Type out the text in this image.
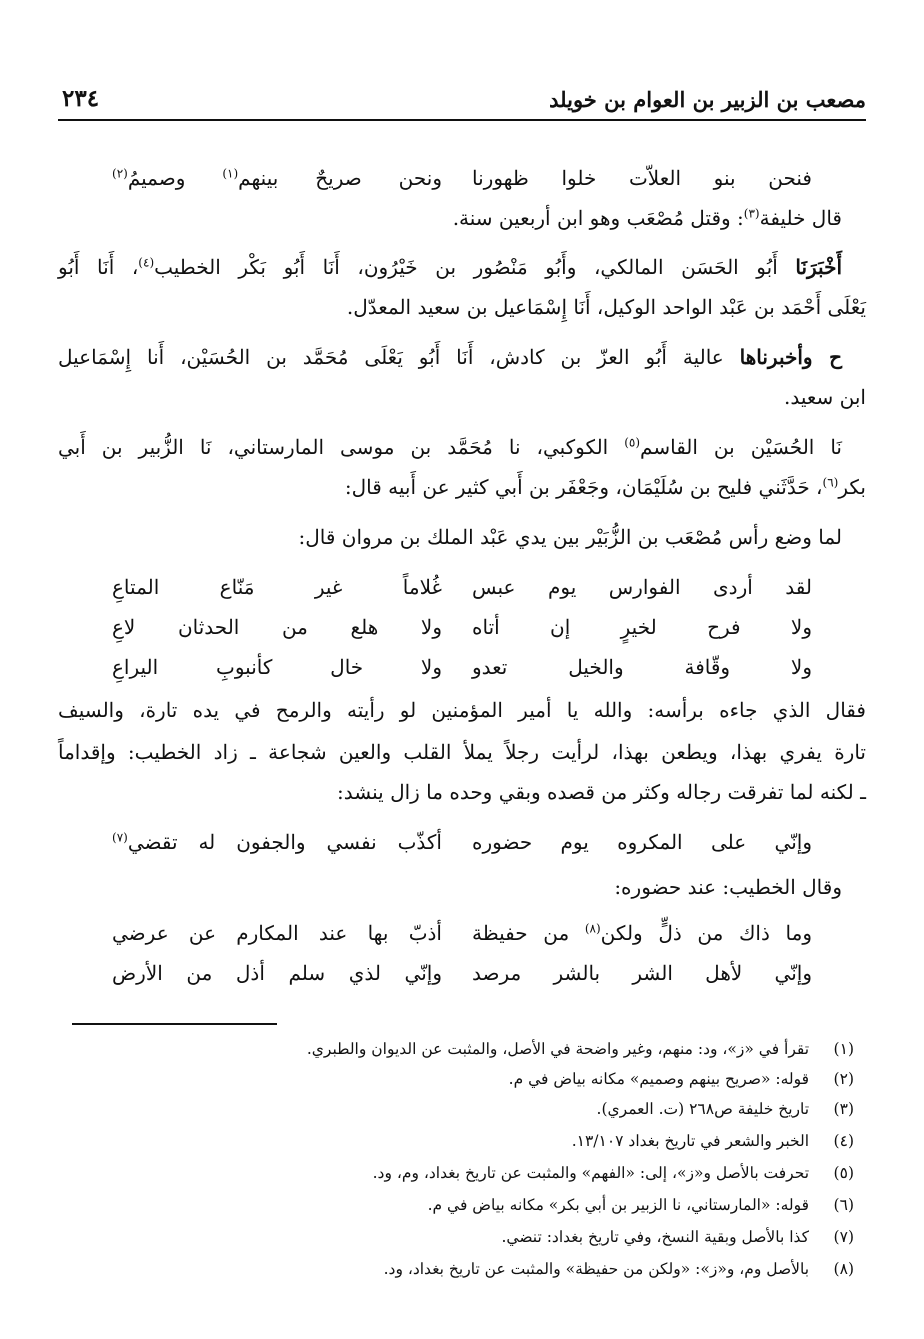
مصعب بن الزبير بن العوام بن خويلد
٢٣٤
فنحن بنو العلاّت خلوا ظهورنا
ونحن صريحٌ بينهم$^{(١)}$ وصميمُ$^{(٢)}$
قال خليفة$^{(٣)}$: وقتل مُصْعَب وهو ابن أربعين سنة.
أَخْبَرَنَا أَبُو الحَسَن المالكي، وأَبُو مَنْصُور بن خَيْرُون، أَنَا أَبُو بَكْر الخطيب$^{(٤)}$، أَنَا أَبُو
يَعْلَى أَحْمَد بن عَبْد الواحد الوكيل، أَنَا إِسْمَاعيل بن سعيد المعدّل.
ح وأخبرناها عالية أَبُو العزّ بن كادش، أَنَا أَبُو يَعْلَى مُحَمَّد بن الحُسَيْن، أَنا إِسْمَاعيل
ابن سعيد.
نَا الحُسَيْن بن القاسم$^{(٥)}$ الكوكبي، نا مُحَمَّد بن موسى المارستاني، نَا الزُّبير بن أَبي
بكر$^{(٦)}$، حَدَّثَني فليح بن سُلَيْمَان، وجَعْفَر بن أَبي كثير عن أَبيه قال:
لما وضع رأس مُصْعَب بن الزُّبَيْر بين يدي عَبْد الملك بن مروان قال:
لقد أردى الفوارس يوم عبس
غُلاماً غير مَنّاع المتاعِ
ولا فرح لخيرٍ إن أتاه
ولا هلع من الحدثان لاعِ
ولا وقّافة والخيل تعدو
ولا خال كأنبوبِ اليراعِ
فقال الذي جاءه برأسه: والله يا أمير المؤمنين لو رأيته والرمح في يده تارة، والسيف
تارة يفري بهذا، ويطعن بهذا، لرأيت رجلاً يملأ القلب والعين شجاعة ـ زاد الخطيب: وإقداماً
ـ لكنه لما تفرقت رجاله وكثر من قصده وبقي وحده ما زال ينشد:
وإنّي على المكروه يوم حضوره
أكذّب نفسي والجفون له تقضي$^{(٧)}$
وقال الخطيب: عند حضوره:
وما ذاك من ذلٍّ ولكن$^{(٨)}$ من حفيظة
أذبّ بها عند المكارم عن عرضي
وإنّي لأهل الشر بالشر مرصد
وإنّي لذي سلم أذل من الأرض
(١) تقرأ في «ز»، ود: منهم، وغير واضحة في الأصل، والمثبت عن الديوان والطبري.
(٢) قوله: «صريح بينهم وصميم» مكانه بياض في م.
(٣) تاريخ خليفة ص٢٦٨ (ت. العمري).
(٤) الخبر والشعر في تاريخ بغداد ١٣/١٠٧.
(٥) تحرفت بالأصل و«ز»، إلى: «الفهم» والمثبت عن تاريخ بغداد، وم، ود.
(٦) قوله: «المارستاني، نا الزبير بن أبي بكر» مكانه بياض في م.
(٧) كذا بالأصل وبقية النسخ، وفي تاريخ بغداد: تنضي.
(٨) بالأصل وم، و«ز»: «ولكن من حفيظة» والمثبت عن تاريخ بغداد، ود.
